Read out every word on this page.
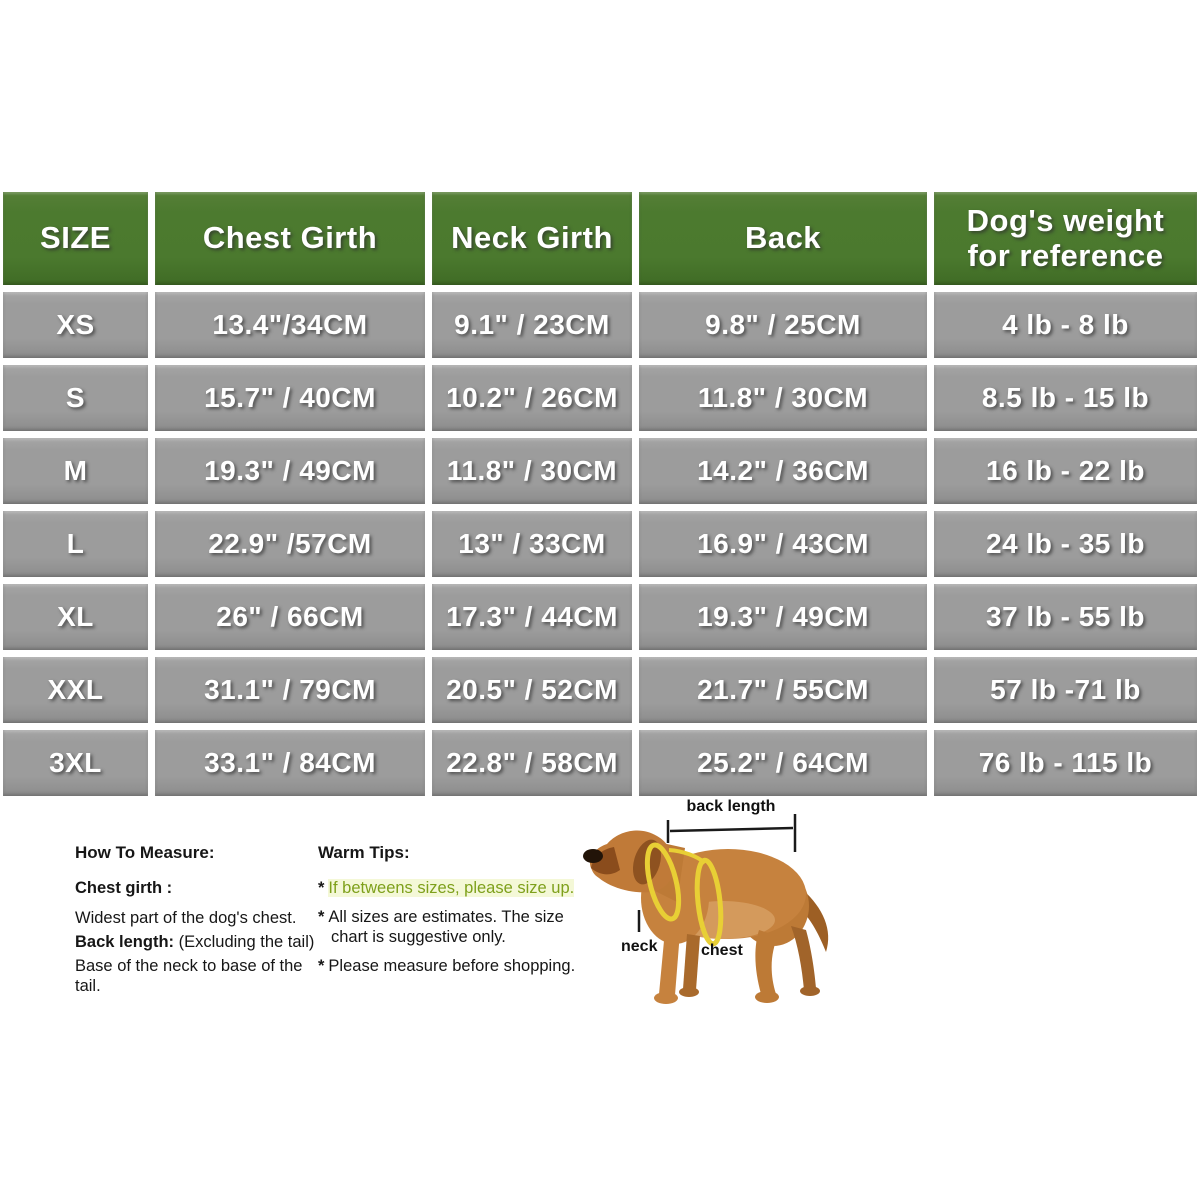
SIZE	Chest Girth	Neck Girth	Back	Dog's weight for reference
XS	13.4"/34CM	9.1" / 23CM	9.8" / 25CM	4 lb - 8 lb
S	15.7" / 40CM	10.2" / 26CM	11.8" / 30CM	8.5 lb - 15 lb
M	19.3" / 49CM	11.8" / 30CM	14.2" / 36CM	16 lb - 22 lb
L	22.9" /57CM	13" / 33CM	16.9" / 43CM	24 lb - 35 lb
XL	26" / 66CM	17.3" / 44CM	19.3" / 49CM	37 lb - 55 lb
XXL	31.1" / 79CM	20.5" / 52CM	21.7" / 55CM	57 lb -71 lb
3XL	33.1" / 84CM	22.8" / 58CM	25.2" / 64CM	76 lb - 115 lb
How To Measure:
Chest girth :
Widest part of the dog's chest.
Back length: (Excluding the tail)
Base of the neck to base of the tail.
Warm Tips:
* If betweens sizes, please size up.
* All sizes are estimates. The size
chart is suggestive only.
* Please measure before shopping.
back length
neck	chest
